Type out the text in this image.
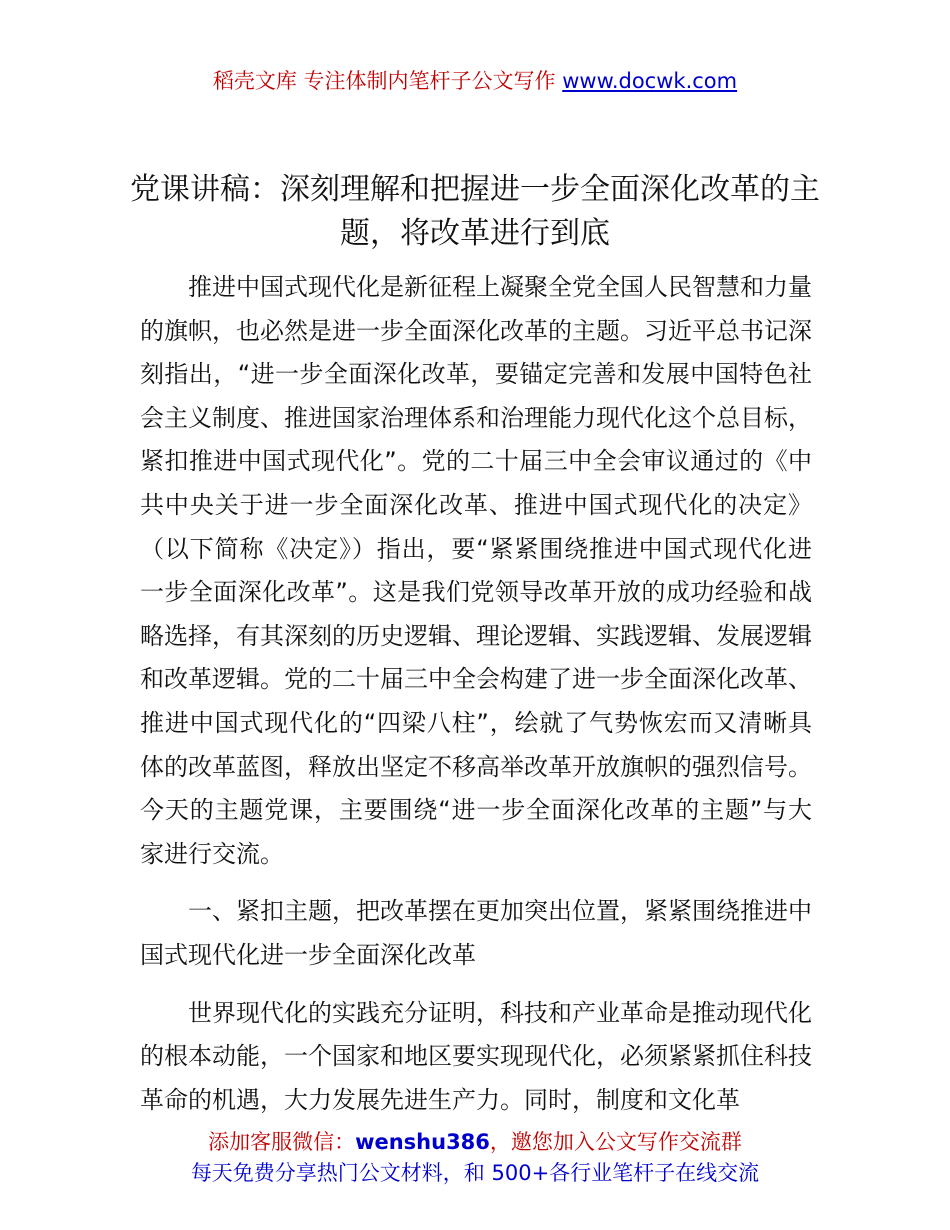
稻壳文库 专注体制内笔杆子公文写作 www.docwk.com
党课讲稿：深刻理解和把握进一步全面深化改革的主题，将改革进行到底

推进中国式现代化是新征程上凝聚全党全国人民智慧和力量的旗帜，也必然是进一步全面深化改革的主题。习近平总书记深刻指出，“进一步全面深化改革，要锚定完善和发展中国特色社会主义制度、推进国家治理体系和治理能力现代化这个总目标，紧扣推进中国式现代化”。党的二十届三中全会审议通过的《中共中央关于进一步全面深化改革、推进中国式现代化的决定》（以下简称《决定》）指出，要“紧紧围绕推进中国式现代化进一步全面深化改革”。这是我们党领导改革开放的成功经验和战略选择，有其深刻的历史逻辑、理论逻辑、实践逻辑、发展逻辑和改革逻辑。党的二十届三中全会构建了进一步全面深化改革、推进中国式现代化的“四梁八柱”，绘就了气势恢宏而又清晰具体的改革蓝图，释放出坚定不移高举改革开放旗帜的强烈信号。今天的主题党课，主要围绕“进一步全面深化改革的主题”与大家进行交流。

一、紧扣主题，把改革摆在更加突出位置，紧紧围绕推进中国式现代化进一步全面深化改革

世界现代化的实践充分证明，科技和产业革命是推动现代化的根本动能，一个国家和地区要实现现代化，必须紧紧抓住科技革命的机遇，大力发展先进生产力。同时，制度和文化革

添加客服微信：wenshu386，邀您加入公文写作交流群
每天免费分享热门公文材料，和 500+各行业笔杆子在线交流
